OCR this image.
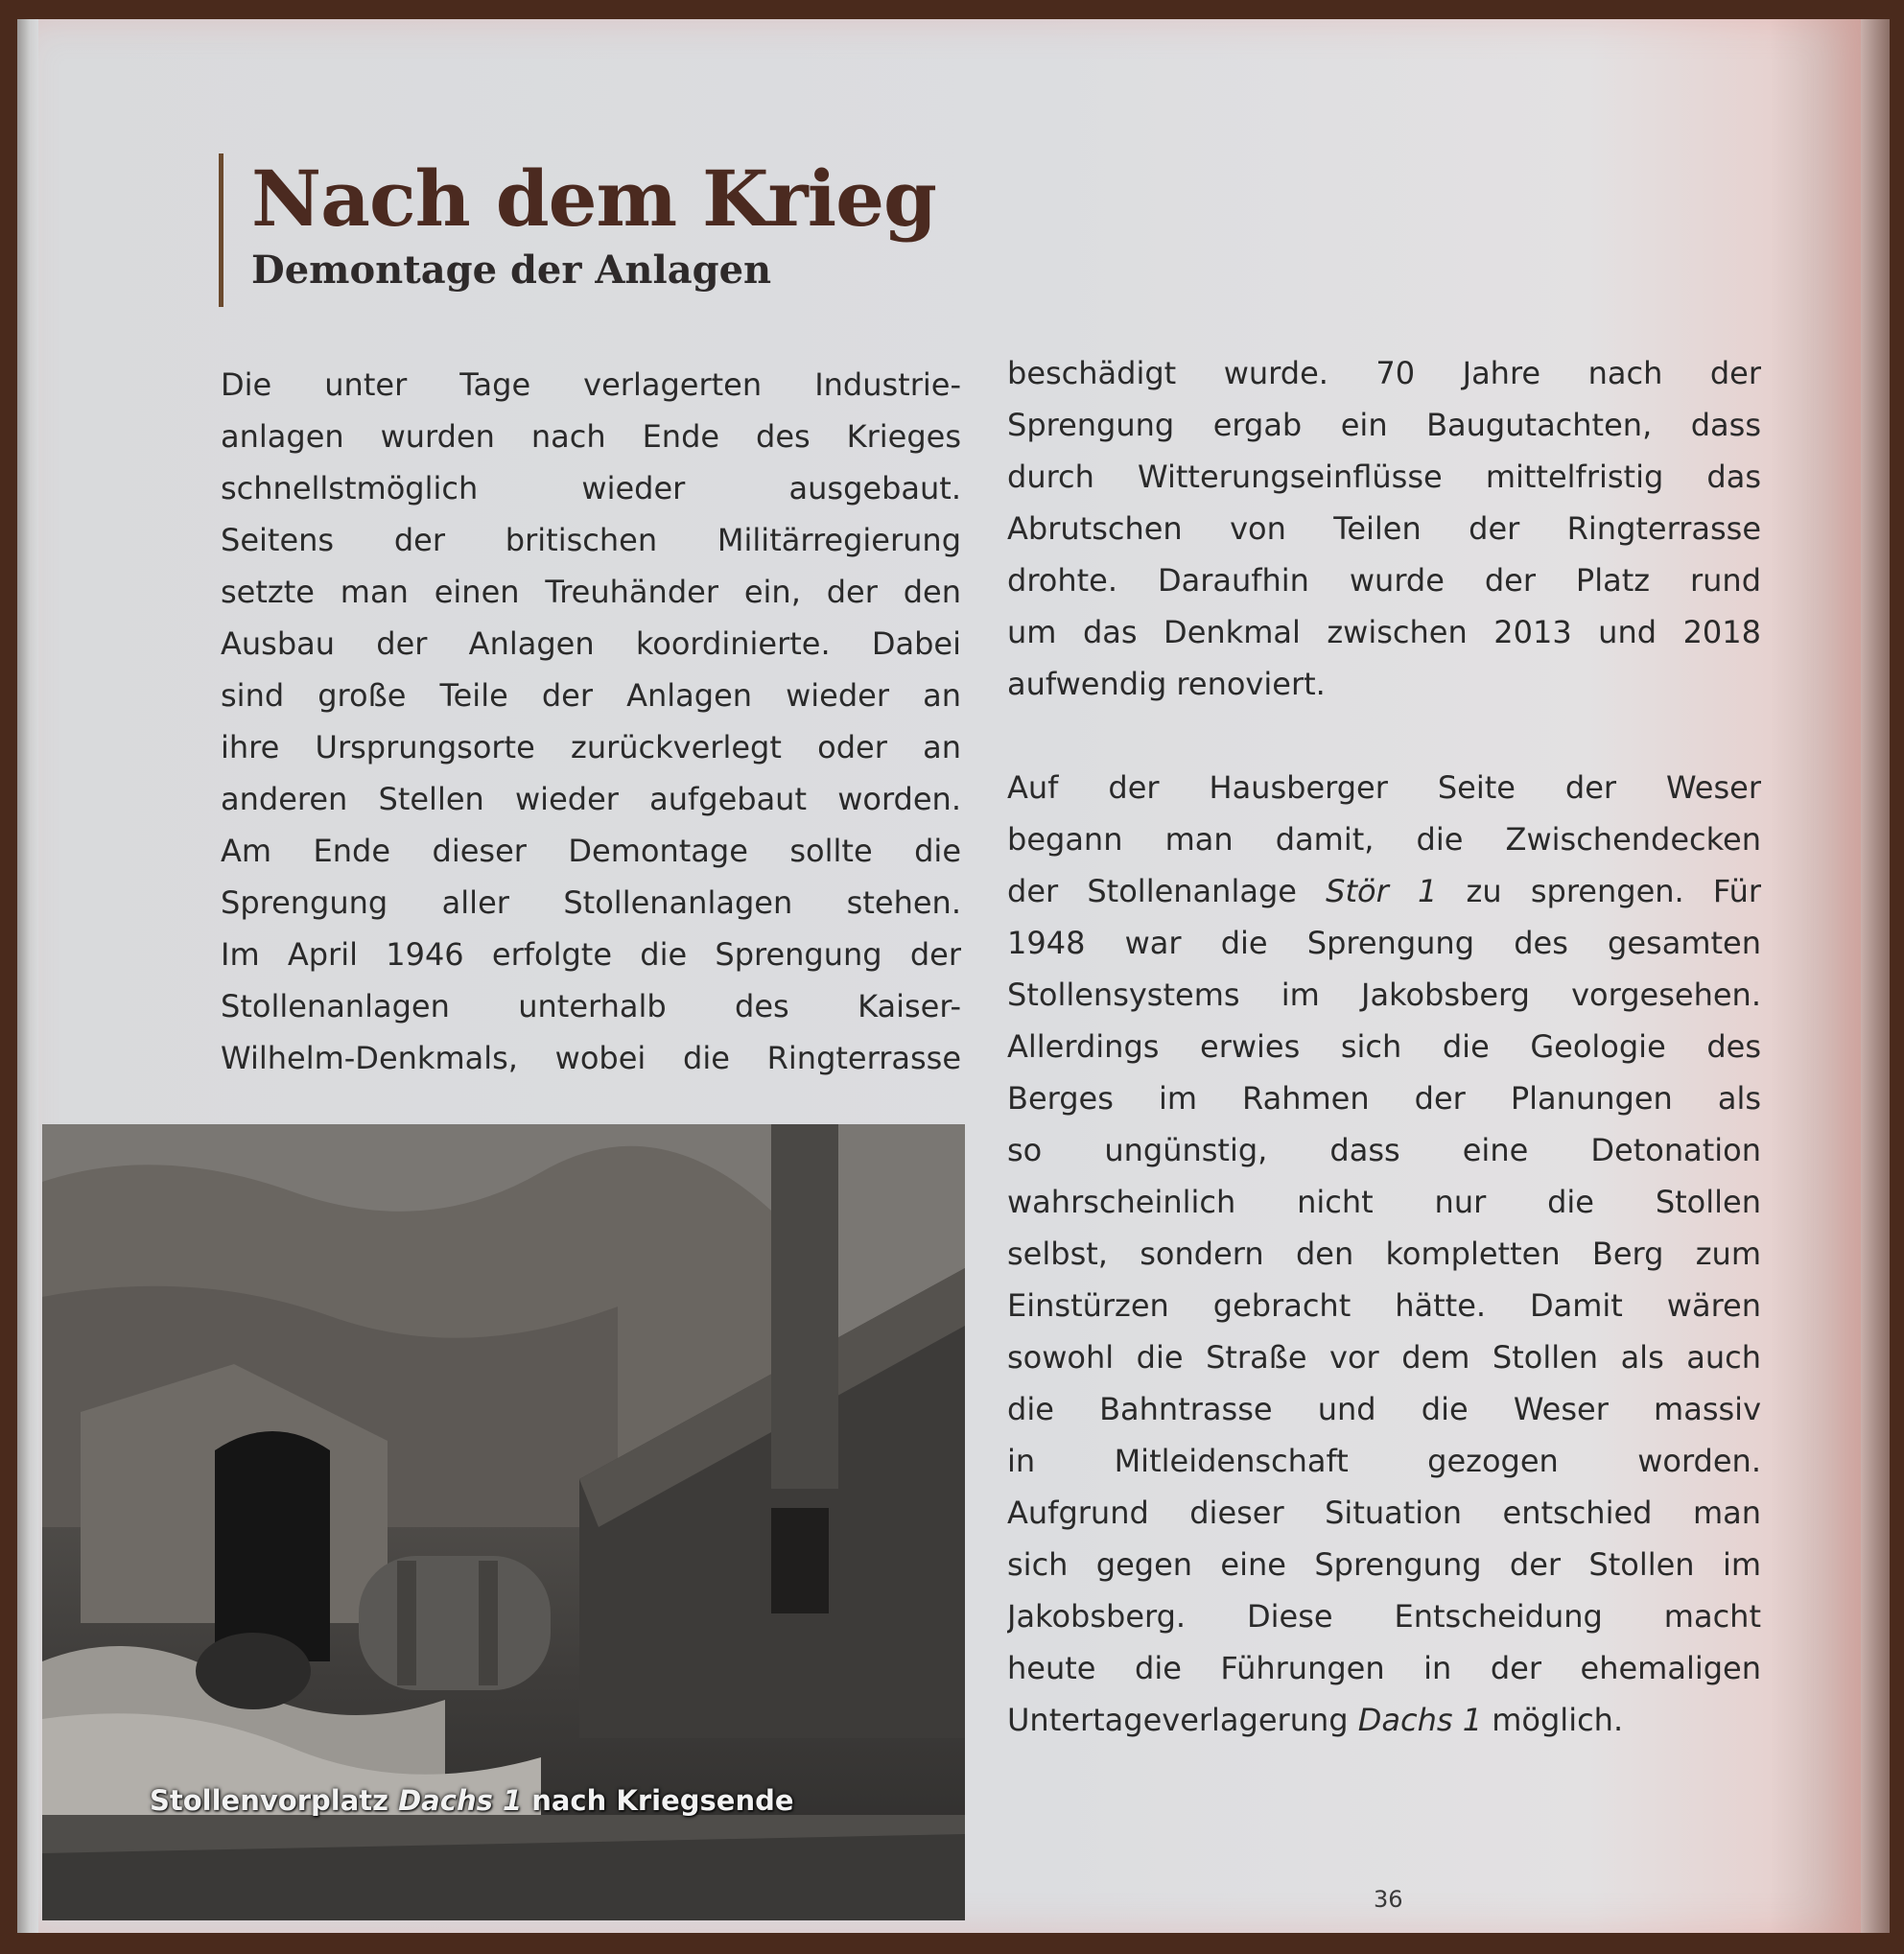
Nach dem Krieg
Demontage der Anlagen
Die unter Tage verlagerten Industrie-
anlagen wurden nach Ende des Krieges
schnellstmöglich wieder ausgebaut.
Seitens der britischen Militärregierung
setzte man einen Treuhänder ein, der den
Ausbau der Anlagen koordinierte. Dabei
sind große Teile der Anlagen wieder an
ihre Ursprungsorte zurückverlegt oder an
anderen Stellen wieder aufgebaut worden.
Am Ende dieser Demontage sollte die
Sprengung aller Stollenanlagen stehen.
Im April 1946 erfolgte die Sprengung der
Stollenanlagen unterhalb des Kaiser-
Wilhelm-Denkmals, wobei die Ringterrasse
beschädigt wurde. 70 Jahre nach der
Sprengung ergab ein Baugutachten, dass
durch Witterungseinflüsse mittelfristig das
Abrutschen von Teilen der Ringterrasse
drohte. Daraufhin wurde der Platz rund
um das Denkmal zwischen 2013 und 2018
aufwendig renoviert.
Auf der Hausberger Seite der Weser
begann man damit, die Zwischendecken
der Stollenanlage Stör 1 zu sprengen. Für
1948 war die Sprengung des gesamten
Stollensystems im Jakobsberg vorgesehen.
Allerdings erwies sich die Geologie des
Berges im Rahmen der Planungen als
so ungünstig, dass eine Detonation
wahrscheinlich nicht nur die Stollen
selbst, sondern den kompletten Berg zum
Einstürzen gebracht hätte. Damit wären
sowohl die Straße vor dem Stollen als auch
die Bahntrasse und die Weser massiv
in Mitleidenschaft gezogen worden.
Aufgrund dieser Situation entschied man
sich gegen eine Sprengung der Stollen im
Jakobsberg. Diese Entscheidung macht
heute die Führungen in der ehemaligen
Untertageverlagerung Dachs 1 möglich.
Stollenvorplatz Dachs 1 nach Kriegsende
36
